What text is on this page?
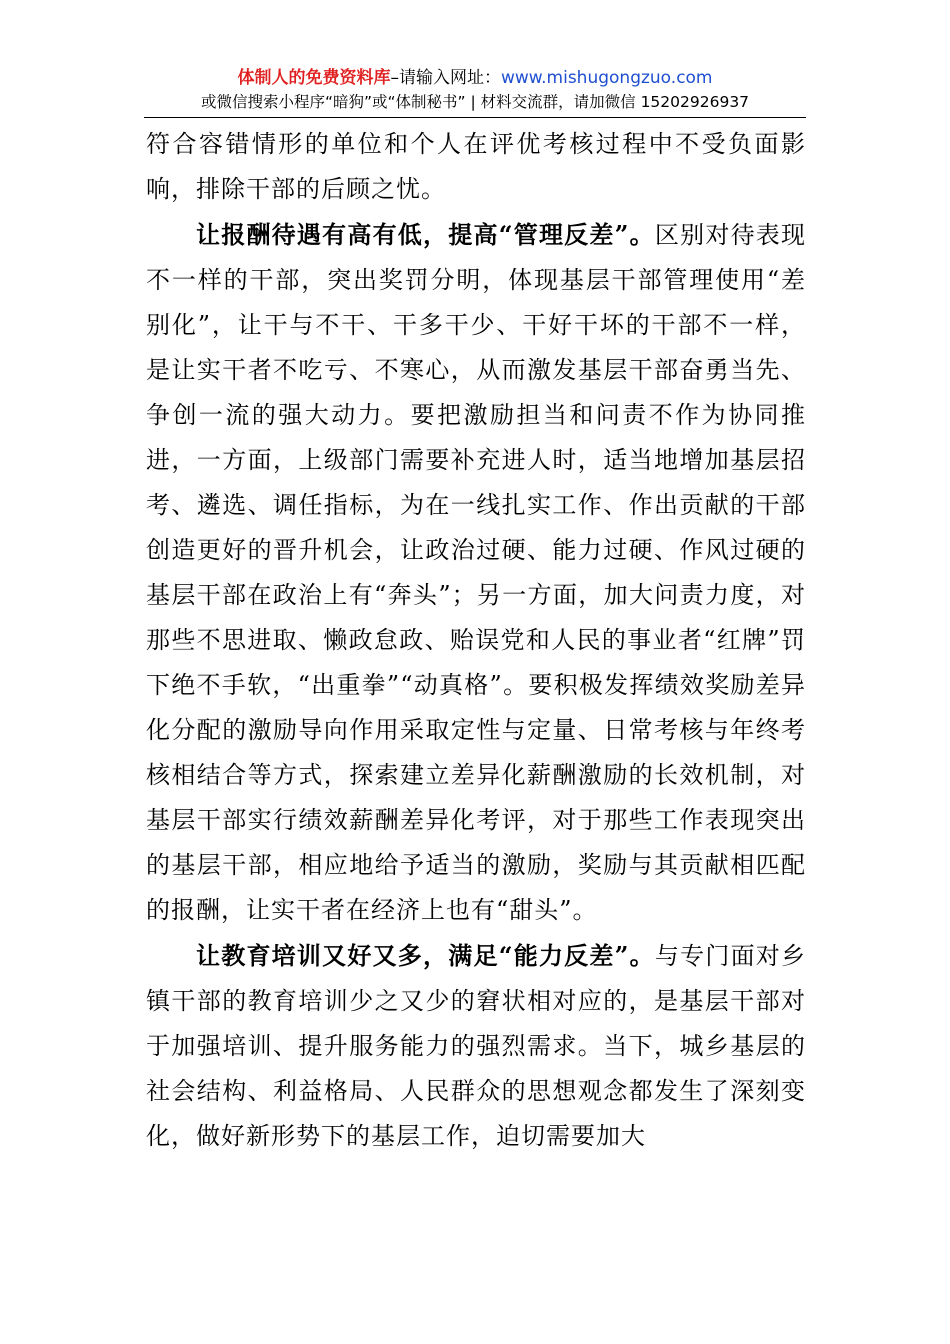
体制人的免费资料库–请输入网址：www.mishugongzuo.com
或微信搜索小程序“暗狗”或“体制秘书” | 材料交流群，请加微信 15202926937

符合容错情形的单位和个人在评优考核过程中不受负面影响，排除干部的后顾之忧。

让报酬待遇有高有低，提高“管理反差”。区别对待表现不一样的干部，突出奖罚分明，体现基层干部管理使用“差别化”，让干与不干、干多干少、干好干坏的干部不一样，是让实干者不吃亏、不寒心，从而激发基层干部奋勇当先、争创一流的强大动力。要把激励担当和问责不作为协同推进，一方面，上级部门需要补充进人时，适当地增加基层招考、遴选、调任指标，为在一线扎实工作、作出贡献的干部创造更好的晋升机会，让政治过硬、能力过硬、作风过硬的基层干部在政治上有“奔头”；另一方面，加大问责力度，对那些不思进取、懒政怠政、贻误党和人民的事业者“红牌”罚下绝不手软，“出重拳”“动真格”。要积极发挥绩效奖励差异化分配的激励导向作用采取定性与定量、日常考核与年终考核相结合等方式，探索建立差异化薪酬激励的长效机制，对基层干部实行绩效薪酬差异化考评，对于那些工作表现突出的基层干部，相应地给予适当的激励，奖励与其贡献相匹配的报酬，让实干者在经济上也有“甜头”。

让教育培训又好又多，满足“能力反差”。与专门面对乡镇干部的教育培训少之又少的窘状相对应的，是基层干部对于加强培训、提升服务能力的强烈需求。当下，城乡基层的社会结构、利益格局、人民群众的思想观念都发生了深刻变化，做好新形势下的基层工作，迫切需要加大
